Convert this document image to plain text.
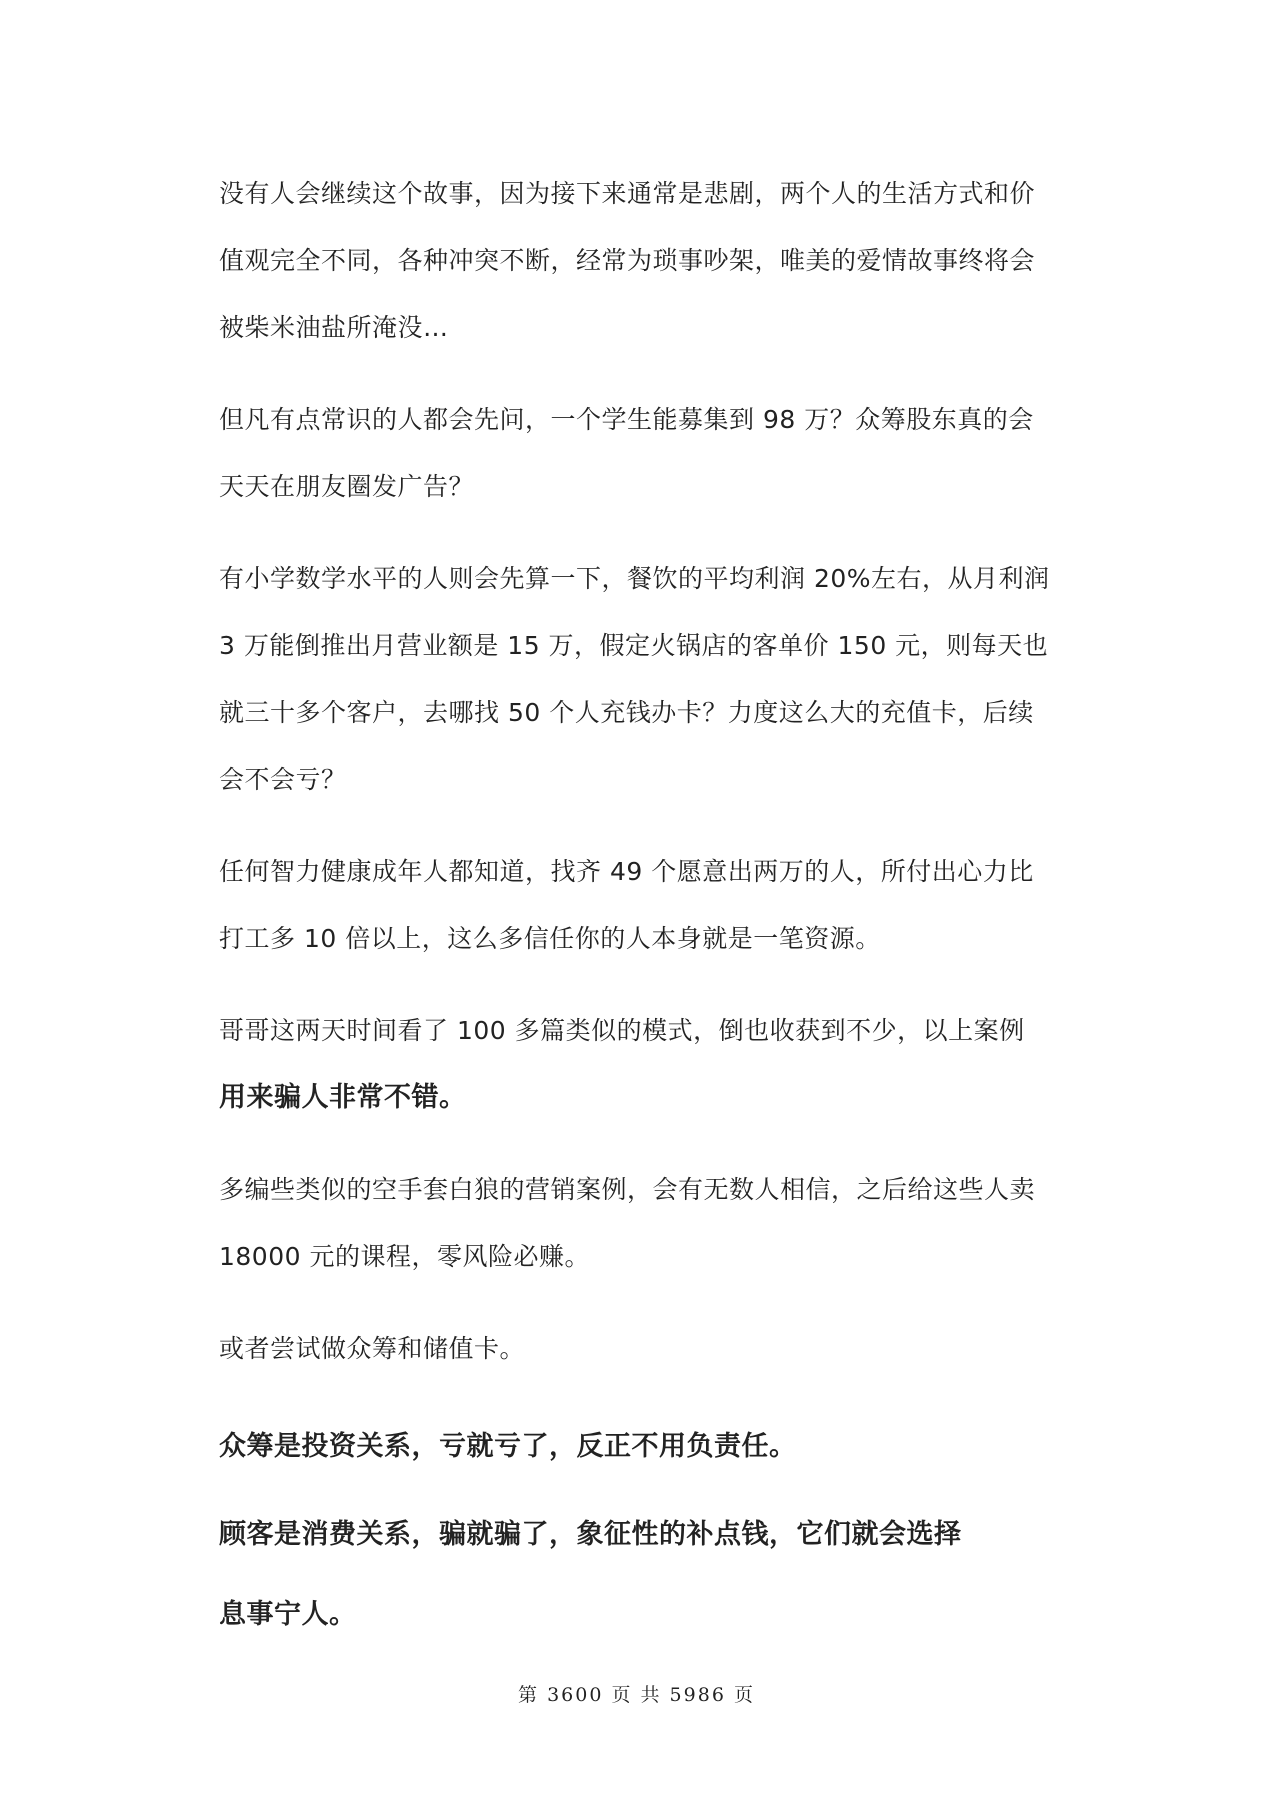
没有人会继续这个故事，因为接下来通常是悲剧，两个人的生活方式和价
值观完全不同，各种冲突不断，经常为琐事吵架，唯美的爱情故事终将会
被柴米油盐所淹没…

但凡有点常识的人都会先问，一个学生能募集到 98 万？众筹股东真的会
天天在朋友圈发广告？

有小学数学水平的人则会先算一下，餐饮的平均利润 20%左右，从月利润
3 万能倒推出月营业额是 15 万，假定火锅店的客单价 150 元，则每天也
就三十多个客户，去哪找 50 个人充钱办卡？力度这么大的充值卡，后续
会不会亏？

任何智力健康成年人都知道，找齐 49 个愿意出两万的人，所付出心力比
打工多 10 倍以上，这么多信任你的人本身就是一笔资源。

哥哥这两天时间看了 100 多篇类似的模式，倒也收获到不少，以上案例
用来骗人非常不错。

多编些类似的空手套白狼的营销案例，会有无数人相信，之后给这些人卖
18000 元的课程，零风险必赚。

或者尝试做众筹和储值卡。

众筹是投资关系，亏就亏了，反正不用负责任。

顾客是消费关系，骗就骗了，象征性的补点钱，它们就会选择
息事宁人。

第 3600 页 共 5986 页
